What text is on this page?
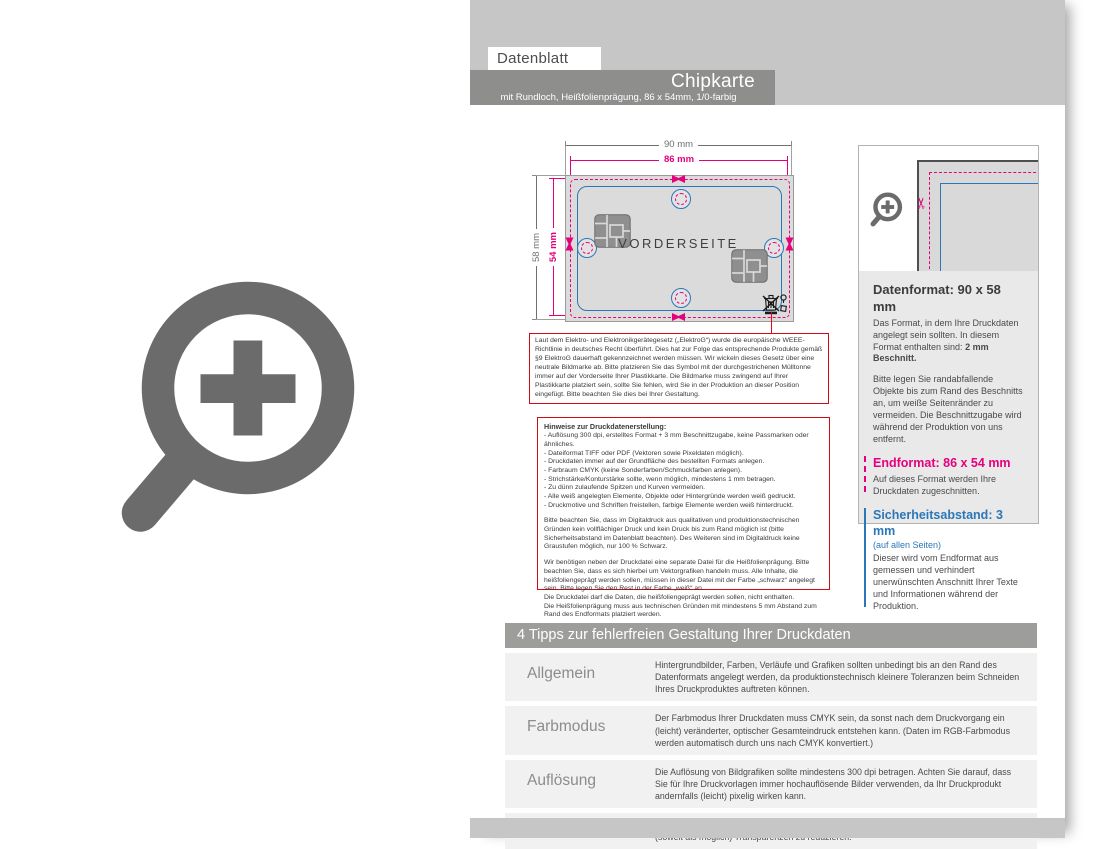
Datenblatt
Chipkarte
mit Rundloch, Heißfolienprägung, 86 x 54mm, 1/0-farbig
90 mm
86 mm
58 mm 54 mm	VORDERSEITE
Laut dem Elektro- und Elektronikgerätegesetz („ElektroG“) wurde die europäische WEEE-Richtlinie in deutsches Recht überführt. Dies hat zur Folge das entsprechende Produkte gemäß §9 ElektroG dauerhaft gekennzeichnet werden müssen. Wir wickeln dieses Gesetz über eine neutrale Bildmarke ab. Bitte platzieren Sie das Symbol mit der durchgestrichenen Mülltonne immer auf der Vorderseite Ihrer Plastikkarte. Die Bildmarke muss zwingend auf Ihrer Plastikkarte platziert sein, sollte Sie fehlen, wird Sie in der Produktion an dieser Position eingefügt. Bitte beachten Sie dies bei Ihrer Gestaltung.
Hinweise zur Druckdatenerstellung:
- Auflösung 300 dpi, erstelltes Format + 3 mm Beschnittzugabe, keine Passmarken oder ähnliches.
- Dateiformat TIFF oder PDF (Vektoren sowie Pixeldaten möglich).
- Druckdaten immer auf der Grundfläche des bestellten Formats anlegen.
- Farbraum CMYK (keine Sonderfarben/Schmuckfarben anlegen).
- Strichstärke/Konturstärke sollte, wenn möglich, mindestens 1 mm betragen.
- Zu dünn zulaufende Spitzen und Kurven vermeiden.
- Alle weiß angelegten Elemente, Objekte oder Hintergründe werden weiß gedruckt.
- Druckmotive und Schriften freistellen, farbige Elemente werden weiß hinterdruckt.
Bitte beachten Sie, dass im Digitaldruck aus qualitativen und produktionstechnischen Gründen kein vollflächiger Druck und kein Druck bis zum Rand möglich ist (bitte Sicherheitsabstand im Datenblatt beachten). Des Weiteren sind im Digitaldruck keine Graustufen möglich, nur 100 % Schwarz.
Wir benötigen neben der Druckdatei eine separate Datei für die Heißfolienprägung. Bitte beachten Sie, dass es sich hierbei um Vektorgrafiken handeln muss. Alle Inhalte, die heißfoliengeprägt werden sollen, müssen in dieser Datei mit der Farbe „schwarz“ angelegt sein. Bitte legen Sie den Rest in der Farbe „weiß“ an.
Die Druckdatei darf die Daten, die heißfoliengeprägt werden sollen, nicht enthalten.
Die Heißfolienprägung muss aus technischen Gründen mit mindestens 5 mm Abstand zum Rand des Endformats platziert werden.
✂
Datenformat: 90 x 58 mm

Das Format, in dem Ihre Druckdaten angelegt sein sollten. In diesem Format enthalten sind: 2 mm Beschnitt.

Bitte legen Sie randabfallende Objekte bis zum Rand des Beschnitts an, um weiße Seitenränder zu vermeiden. Die Beschnittzugabe wird während der Produktion von uns entfernt.

Endformat: 86 x 54 mm

Auf dieses Format werden Ihre Druckdaten zugeschnitten.

Sicherheitsabstand: 3 mm
(auf allen Seiten)

Dieser wird vom Endformat aus gemessen und verhindert unerwünschten Anschnitt Ihrer Texte und Informationen während der Produktion.

4 Tipps zur fehlerfreien Gestaltung Ihrer Druckdaten
Allgemein	Hintergrundbilder, Farben, Verläufe und Grafiken sollten unbedingt bis an den Rand des Datenformats angelegt werden, da produktionstechnisch kleinere Toleranzen beim Schneiden Ihres Druckproduktes auftreten können.
Farbmodus	Der Farbmodus Ihrer Druckdaten muss CMYK sein, da sonst nach dem Druckvorgang ein (leicht) veränderter, optischer Gesamteindruck entstehen kann. (Daten im RGB-Farbmodus werden automatisch durch uns nach CMYK konvertiert.)
Auflösung	Die Auflösung von Bildgrafiken sollte mindestens 300 dpi betragen. Achten Sie darauf, dass Sie für Ihre Druckvorlagen immer hochauflösende Bilder verwenden, da Ihr Druckprodukt andernfalls (leicht) pixelig wirken kann.
